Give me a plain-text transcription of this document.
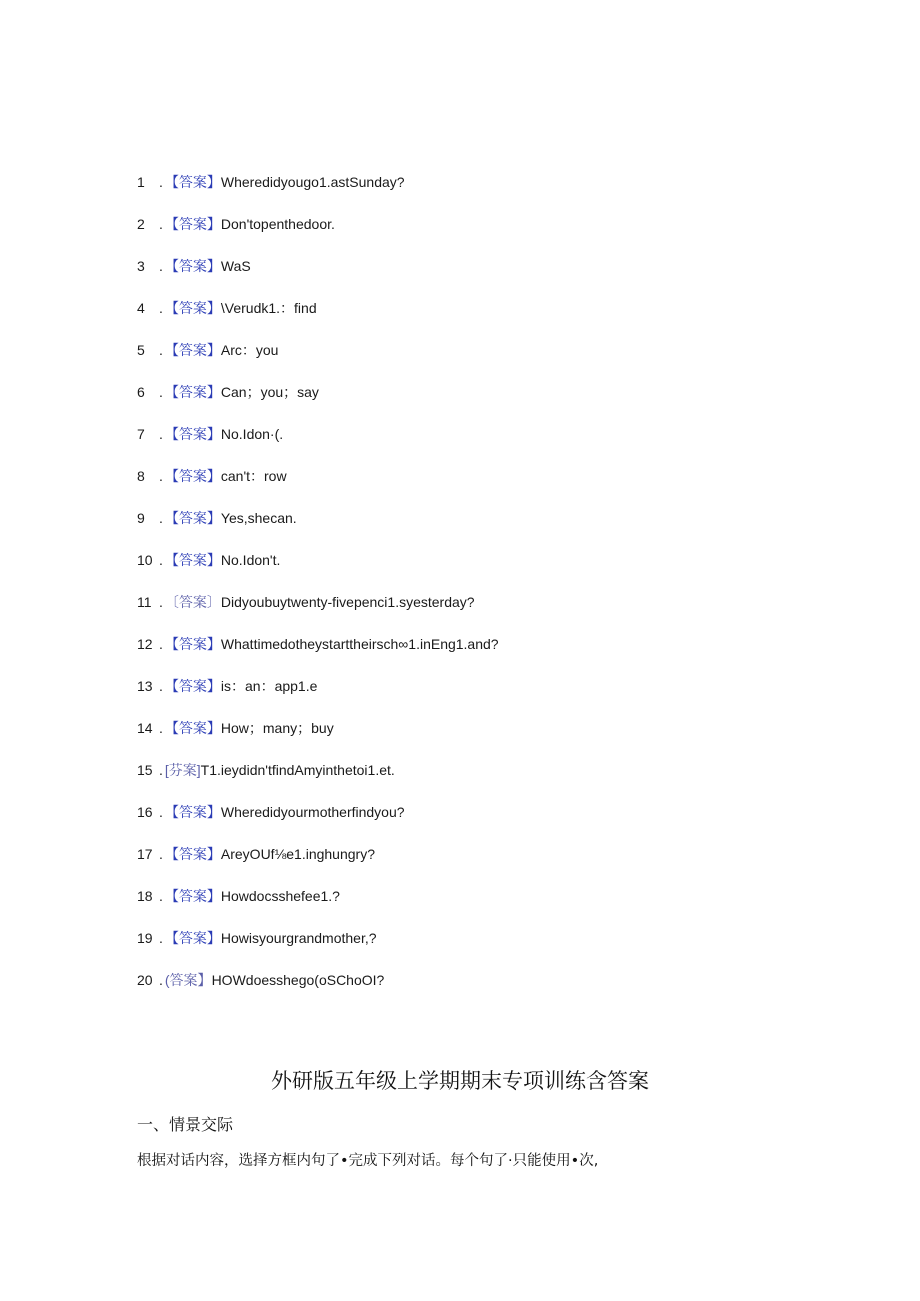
1 . 【答案】Wheredidyougo1.astSunday?
2 . 【答案】Don'topenthedoor.
3 . 【答案】WaS
4 . 【答案】\Verudk1.：find
5 . 【答案】Arc：you
6 . 【答案】Can；you；say
7 . 【答案】No.Idon·(.
8 . 【答案】can't：row
9 . 【答案】Yes,shecan.
10 . 【答案】No.Idon't.
11 . 〔答案〕Didyoubuytwenty-fivepenci1.syesterday?
12 . 【答案】Whattimedotheystarttheirsch∞1.inEng1.and?
13 . 【答案】is：an：app1.e
14 . 【答案】How；many；buy
15 . [芬案]T1.ieydidn'tfindAmyinthetoi1.et.
16 . 【答案】Wheredidyourmotherfindyou?
17 . 【答案】AreyOUf⅛e1.inghungry?
18 . 【答案】Howdocsshefee1.?
19 . 【答案】Howisyourgrandmother,?
20 . (答案】HOWdoesshego(oSChoOI?
外研版五年级上学期期末专项训练含答案
一、情景交际
根据对话内容，选择方框内句了•完成下列对话。每个句了·只能使用•次,
